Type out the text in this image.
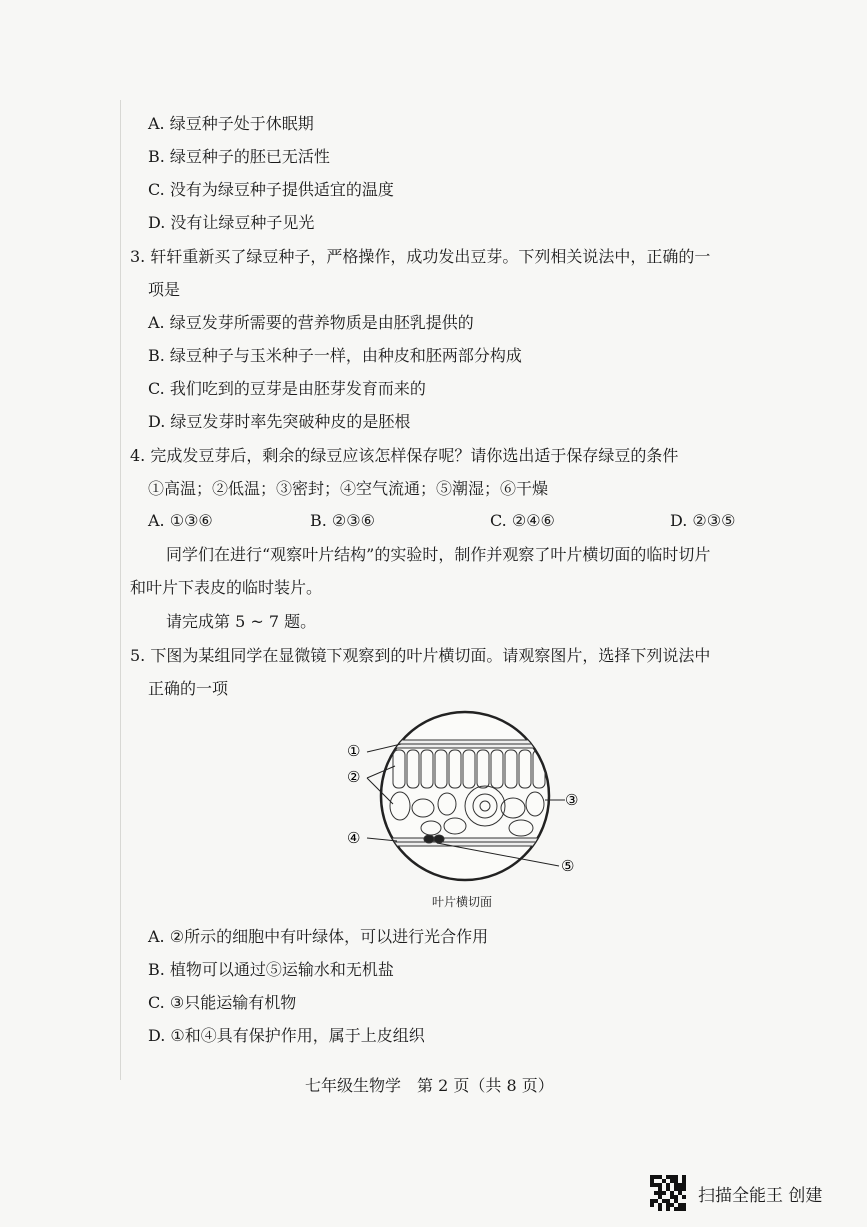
A. 绿豆种子处于休眠期
B. 绿豆种子的胚已无活性
C. 没有为绿豆种子提供适宜的温度
D. 没有让绿豆种子见光
3. 轩轩重新买了绿豆种子，严格操作，成功发出豆芽。下列相关说法中，正确的一
项是
A. 绿豆发芽所需要的营养物质是由胚乳提供的
B. 绿豆种子与玉米种子一样，由种皮和胚两部分构成
C. 我们吃到的豆芽是由胚芽发育而来的
D. 绿豆发芽时率先突破种皮的是胚根
4. 完成发豆芽后，剩余的绿豆应该怎样保存呢？请你选出适于保存绿豆的条件
①高温；②低温；③密封；④空气流通；⑤潮湿；⑥干燥
A. ①③⑥	B. ②③⑥	C. ②④⑥	D. ②③⑤
同学们在进行“观察叶片结构”的实验时，制作并观察了叶片横切面的临时切片
和叶片下表皮的临时装片。
请完成第 5 ~ 7 题。
5. 下图为某组同学在显微镜下观察到的叶片横切面。请观察图片，选择下列说法中
正确的一项
①
②
③
④
⑤
叶片横切面
A. ②所示的细胞中有叶绿体，可以进行光合作用
B. 植物可以通过⑤运输水和无机盐
C. ③只能运输有机物
D. ①和④具有保护作用，属于上皮组织
七年级生物学　第 2 页（共 8 页）
扫描全能王 创建
